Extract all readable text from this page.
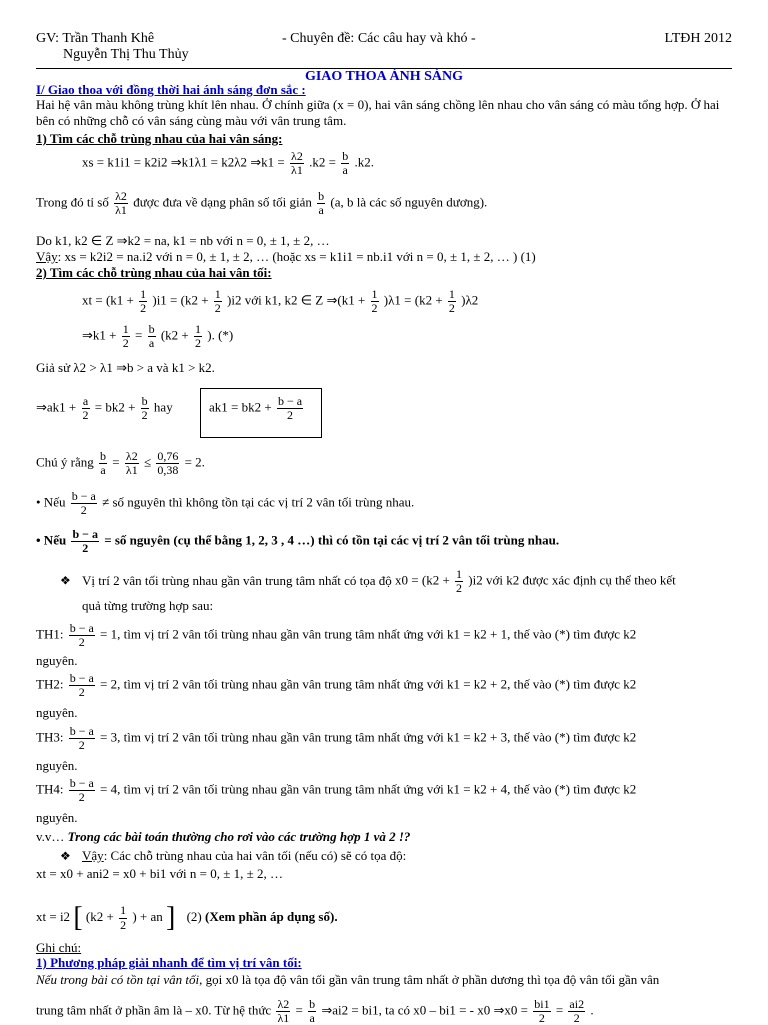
GV: Trần Thanh Khê
Nguyễn Thị Thu Thủy
- Chuyên đề: Các câu hay và khó -	LTĐH 2012
GIAO THOA ÁNH SÁNG
I/ Giao thoa với đồng thời hai ánh sáng đơn sắc :
Hai hệ vân màu không trùng khít lên nhau. Ở chính giữa (x = 0), hai vân sáng chồng lên nhau cho vân sáng có màu tổng hợp. Ở hai bên có những chỗ có vân sáng cùng màu với vân trung tâm.
1) Tìm các chỗ trùng nhau của hai vân sáng:
xs = k1i1 = k2i2 ⇒k1λ1 = k2λ2 ⇒k1 = $\frac{\lambda 2}{\lambda 1} .k2 = \frac{b}{a} .k2$.
Trong đó tỉ số $\frac{\lambda 2}{\lambda 1}$ được đưa về dạng phân số tối giản $\frac{b}{a} (a$, b là các số nguyên dương).
Do k1, k2 ∈ Z ⇒k2 = na, k1 = nb với n = 0, ± 1, ± 2, …
Vậy: xs = k2i2 = na.i2 với n = 0, ± 1, ± 2, … (hoặc xs = k1i1 = nb.i1 với n = 0, ± 1, ± 2, … ) (1)
2) Tìm các chỗ trùng nhau của hai vân tối:
xt = $(k1 + \frac{1}{2} )i1 = (k2 + \frac{1}{2} )i2$ với k1, k2 ∈ Z ⇒(k1 + $\frac{1}{2} )\lambda 1 = (k2 + \frac{1}{2} )\lambda 2$
⇒k1 + $\frac{1}{2} = \frac{b}{a} (k2 + \frac{1}{2}$ ). (*)
Giả sử λ2 > λ1 ⇒b > a và k1 > k2.
⇒ak1 + $\frac{a}{2} = bk2 + \frac{b}{2}$ hay	$ak1 = bk2 + \frac{b - a}{2}$
Chú ý rằng $\frac{b}{a} = \frac{\lambda 2}{\lambda 1} \le \frac{0,76}{0,38} = 2$.
• Nếu $\frac{b - a}{2}$ ≠ số nguyên thì không tồn tại các vị trí 2 vân tối trùng nhau.
• Nếu $\frac{b - a}{2}$ = số nguyên (cụ thể bằng 1, 2, 3 , 4 …) thì có tồn tại các vị trí 2 vân tối trùng nhau.
❖ Vị trí 2 vân tối trùng nhau gần vân trung tâm nhất có tọa độ $x0 = (k2 + \frac{1}{2} )i2$ với k2 được xác định cụ thể theo kết
quả từng trường hợp sau:
TH1: $\frac{b - a}{2} = 1$, tìm vị trí 2 vân tối trùng nhau gần vân trung tâm nhất ứng với k1 = k2 + 1, thế vào (*) tìm được k2
nguyên.
TH2: $\frac{b - a}{2} = 2$, tìm vị trí 2 vân tối trùng nhau gần vân trung tâm nhất ứng với k1 = k2 + 2, thế vào (*) tìm được k2
nguyên.
TH3: $\frac{b - a}{2} = 3$, tìm vị trí 2 vân tối trùng nhau gần vân trung tâm nhất ứng với k1 = k2 + 3, thế vào (*) tìm được k2
nguyên.
TH4: $\frac{b - a}{2} = 4$, tìm vị trí 2 vân tối trùng nhau gần vân trung tâm nhất ứng với k1 = k2 + 4, thế vào (*) tìm được k2
nguyên.
v.v… Trong các bài toán thường cho rơi vào các trường hợp 1 và 2 !?
❖ Vậy: Các chỗ trùng nhau của hai vân tối (nếu có) sẽ có tọa độ:
xt = x0 + ani2 = x0 + bi1 với n = 0, ± 1, ± 2, …
xt = i2 [ ($k2 + \frac{1}{2}$ ) + an ] (2) (Xem phần áp dụng số).
Ghi chú:
1) Phương pháp giải nhanh để tìm vị trí vân tối:
Nếu trong bài có tồn tại vân tối, gọi x0 là tọa độ vân tối gần vân trung tâm nhất ở phần dương thì tọa độ vân tối gần vân
trung tâm nhất ở phần âm là – x0. Từ hệ thức $\frac{\lambda 2}{\lambda 1} = \frac{b}{a}$ ⇒ai2 = bi1, ta có x0 – bi1 = - x0 ⇒x0 = $\frac{bi1}{2} = \frac{ai2}{2}$ .
